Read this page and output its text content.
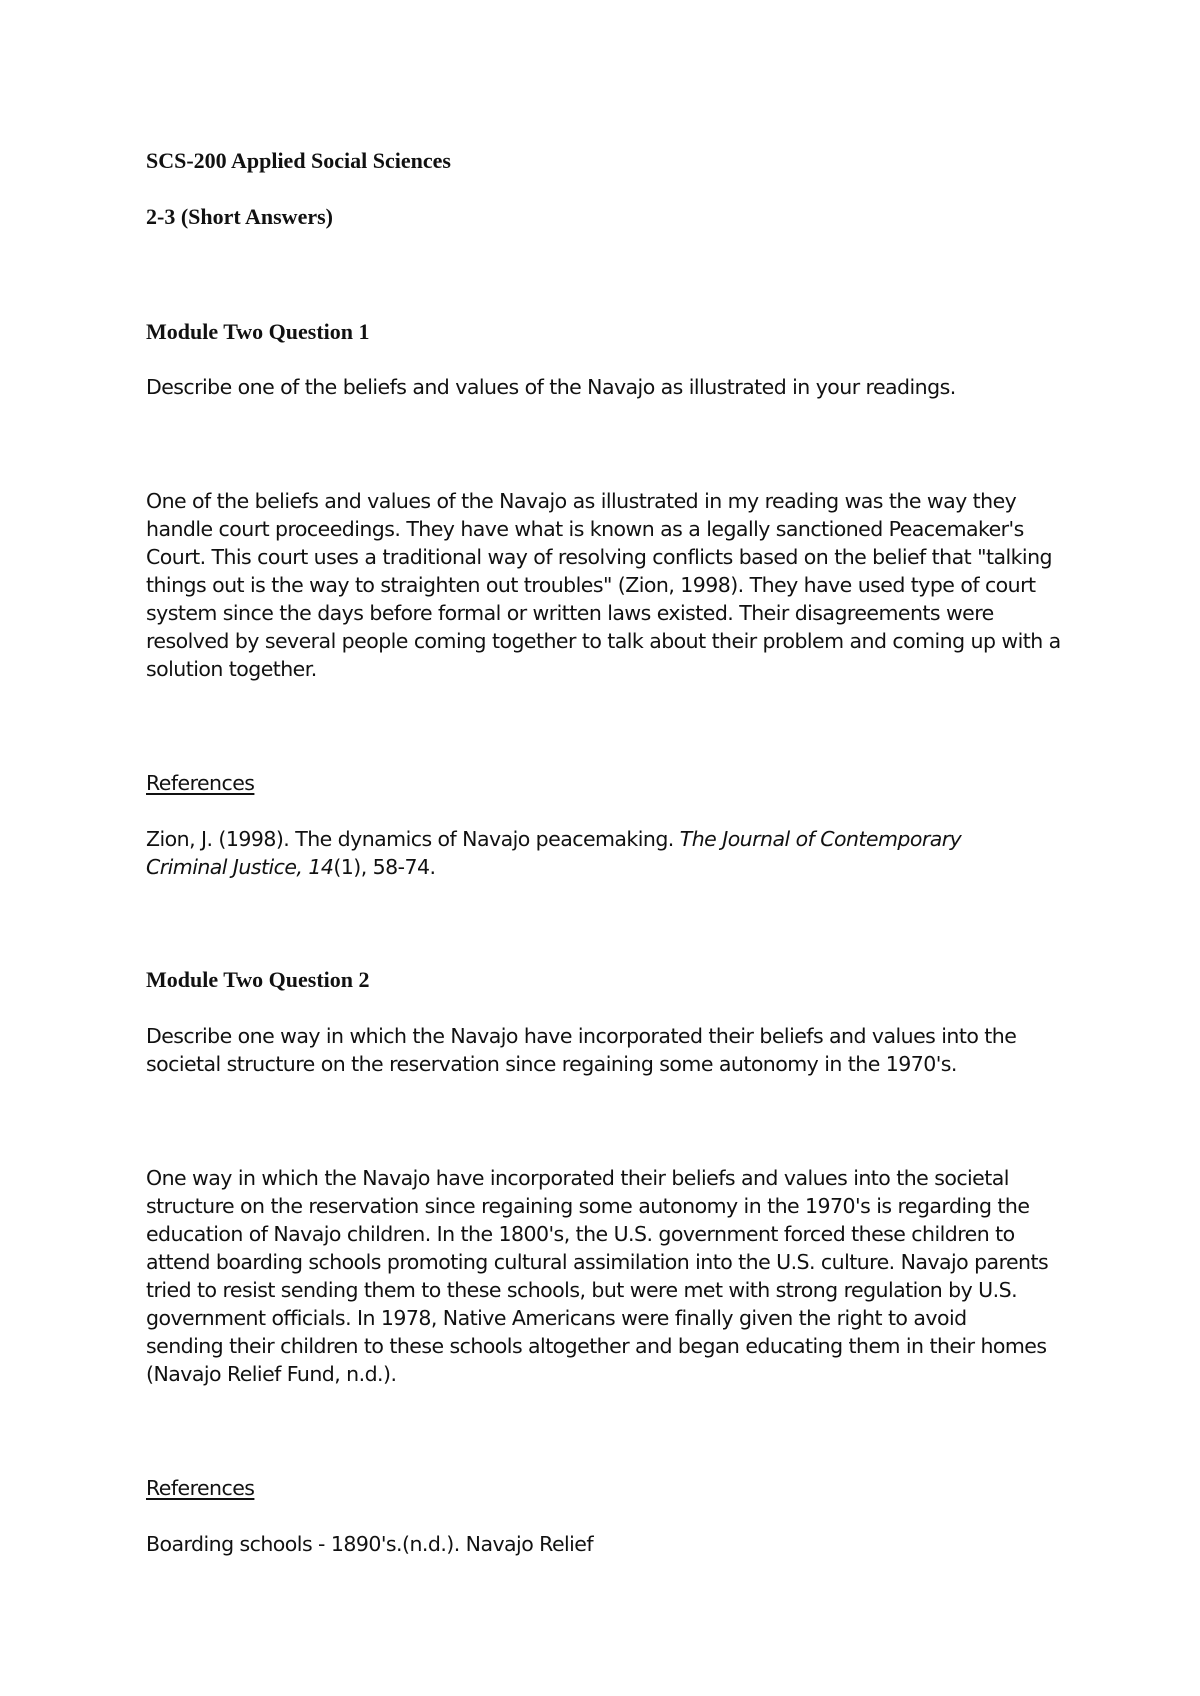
SCS-200 Applied Social Sciences
2-3 (Short Answers)
Module Two Question 1
Describe one of the beliefs and values of the Navajo as illustrated in your readings.
One of the beliefs and values of the Navajo as illustrated in my reading was the way they
handle court proceedings. They have what is known as a legally sanctioned Peacemaker's
Court. This court uses a traditional way of resolving conflicts based on the belief that "talking
things out is the way to straighten out troubles" (Zion, 1998). They have used type of court
system since the days before formal or written laws existed. Their disagreements were
resolved by several people coming together to talk about their problem and coming up with a
solution together.
References
Zion, J. (1998). The dynamics of Navajo peacemaking. The Journal of Contemporary
Criminal Justice, 14(1), 58-74.
Module Two Question 2
Describe one way in which the Navajo have incorporated their beliefs and values into the
societal structure on the reservation since regaining some autonomy in the 1970's.
One way in which the Navajo have incorporated their beliefs and values into the societal
structure on the reservation since regaining some autonomy in the 1970's is regarding the
education of Navajo children. In the 1800's, the U.S. government forced these children to
attend boarding schools promoting cultural assimilation into the U.S. culture. Navajo parents
tried to resist sending them to these schools, but were met with strong regulation by U.S.
government officials. In 1978, Native Americans were finally given the right to avoid
sending their children to these schools altogether and began educating them in their homes
(Navajo Relief Fund, n.d.).
References
Boarding schools - 1890's.(n.d.). Navajo Relief
